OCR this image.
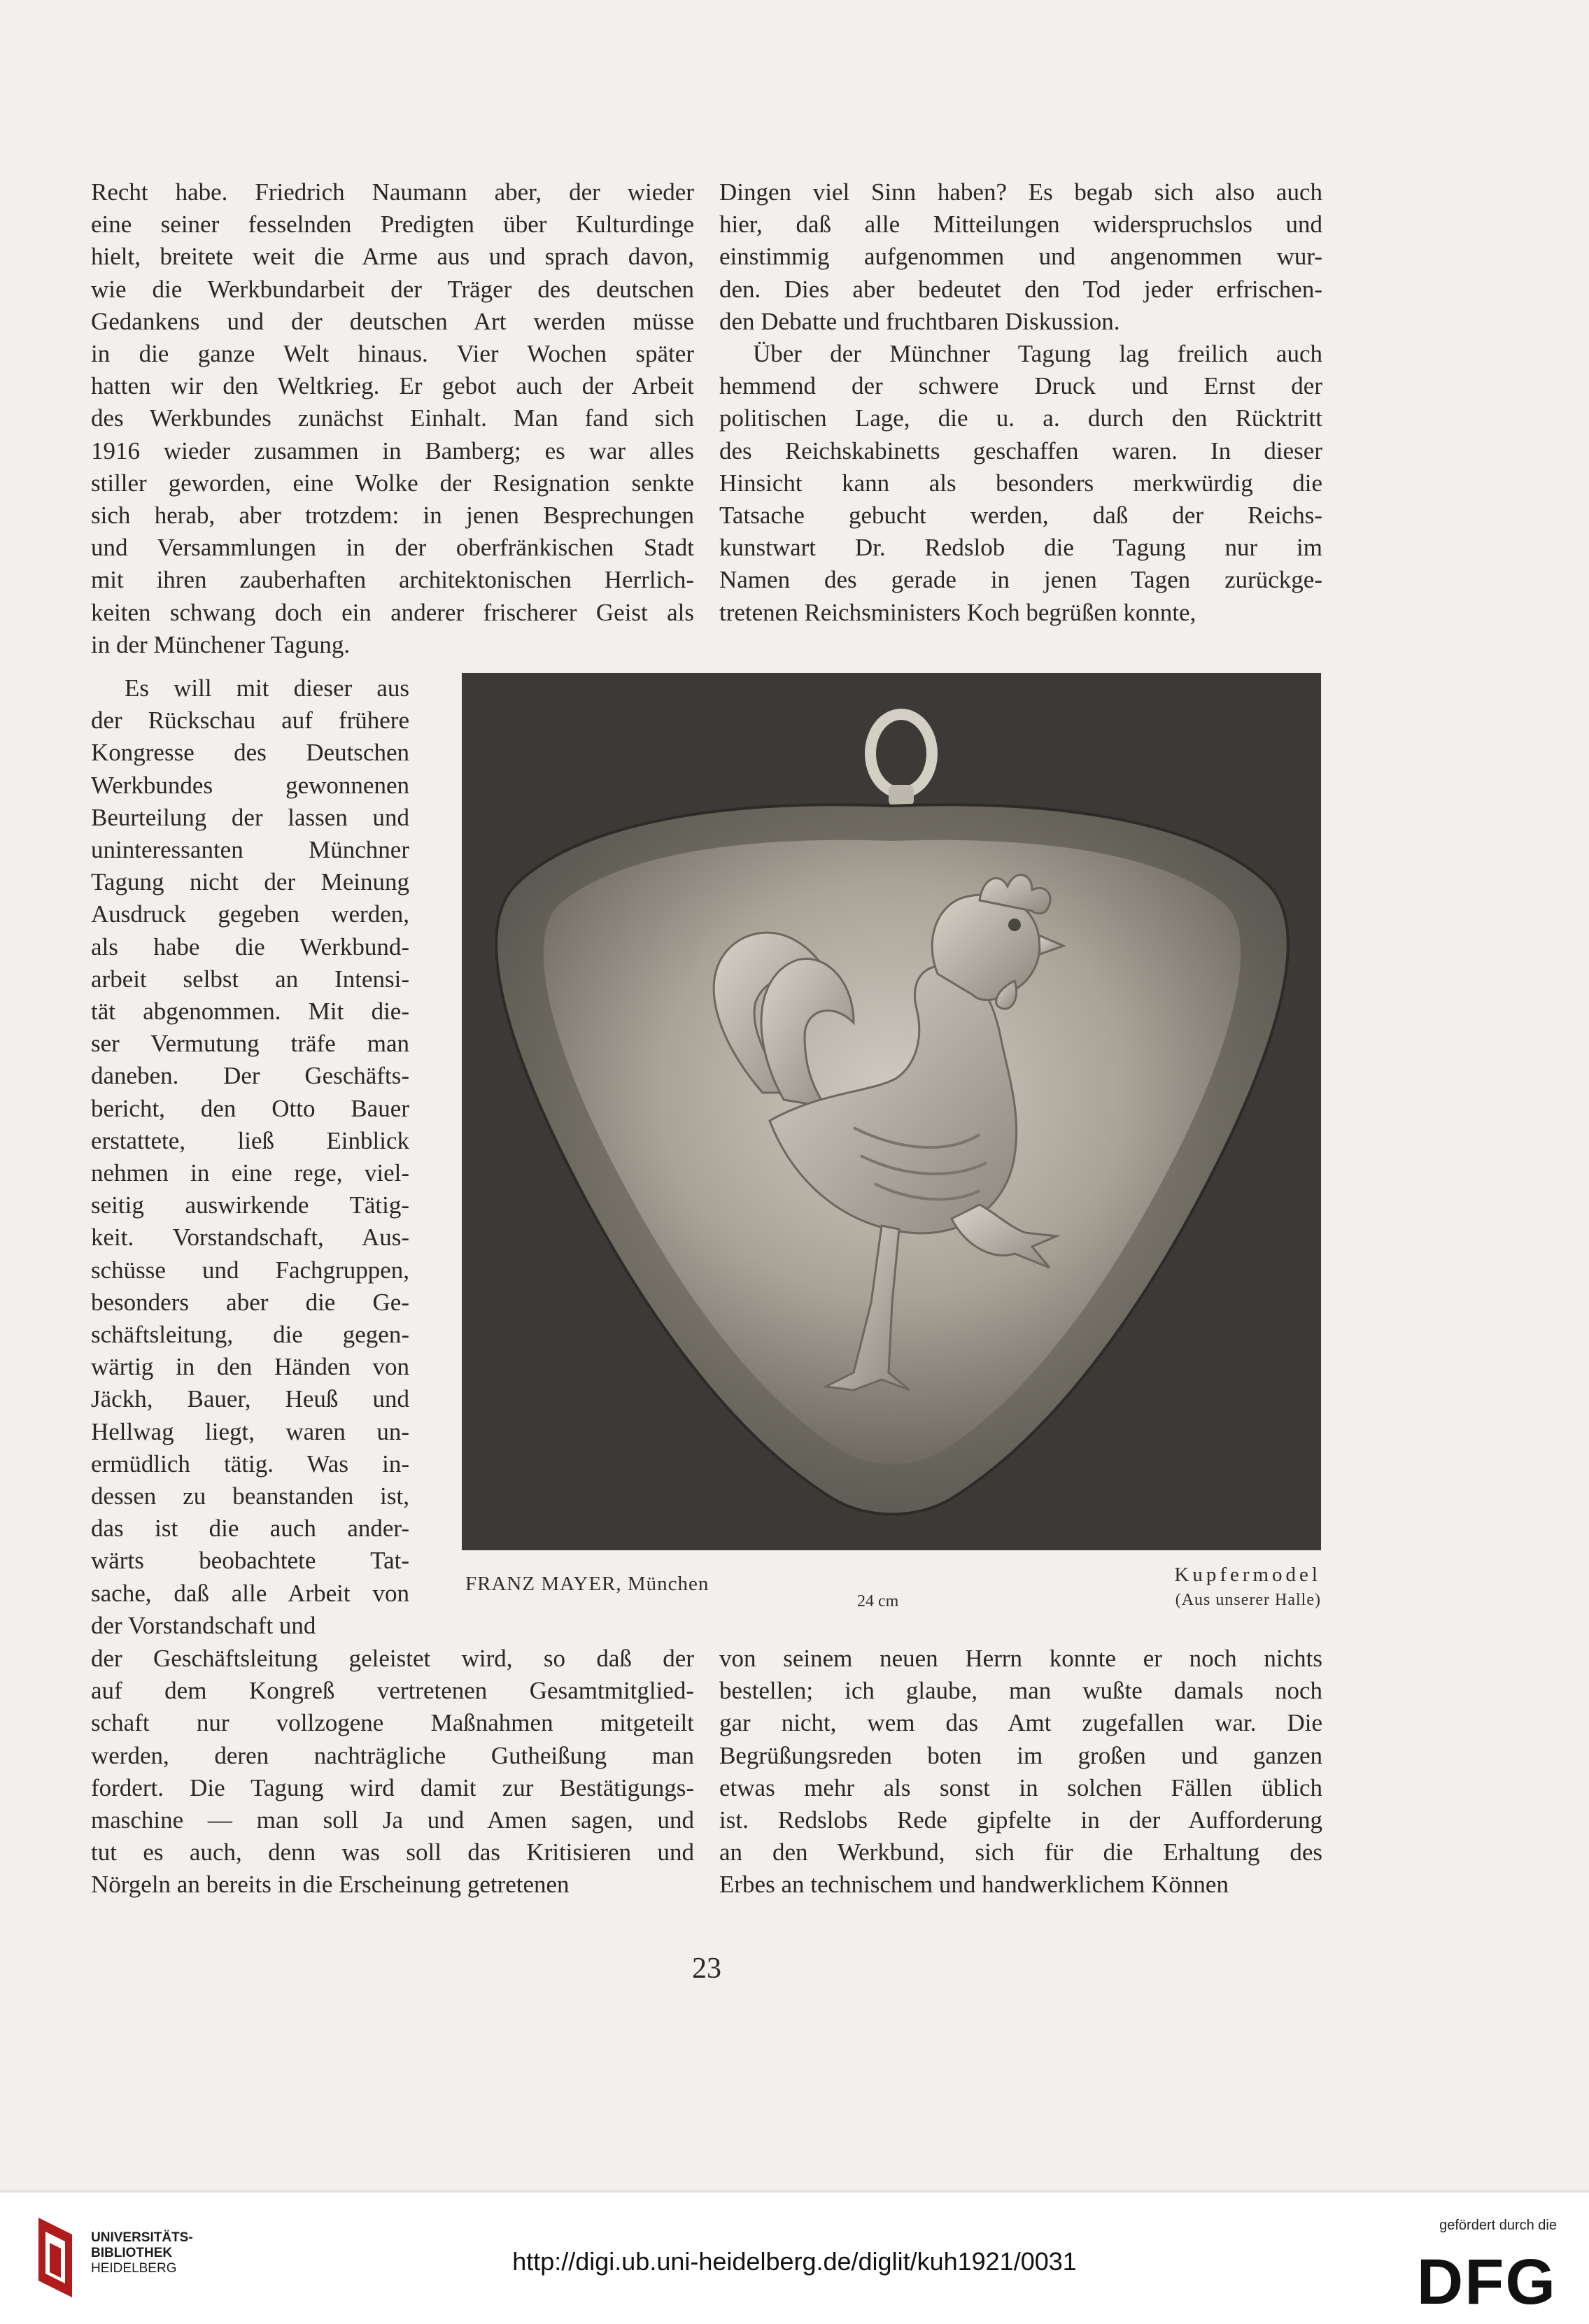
Recht habe. Friedrich Naumann aber, der wieder
eine seiner fesselnden Predigten über Kulturdinge
hielt, breitete weit die Arme aus und sprach davon,
wie die Werkbundarbeit der Träger des deutschen
Gedankens und der deutschen Art werden müsse
in die ganze Welt hinaus. Vier Wochen später
hatten wir den Weltkrieg. Er gebot auch der Arbeit
des Werkbundes zunächst Einhalt. Man fand sich
1916 wieder zusammen in Bamberg; es war alles
stiller geworden, eine Wolke der Resignation senkte
sich herab, aber trotzdem: in jenen Besprechungen
und Versammlungen in der oberfränkischen Stadt
mit ihren zauberhaften architektonischen Herrlich-
keiten schwang doch ein anderer frischerer Geist als
in der Münchener Tagung.
Es will mit dieser aus
der Rückschau auf frühere
Kongresse des Deutschen
Werkbundes gewonnenen
Beurteilung der lassen und
uninteressanten Münchner
Tagung nicht der Meinung
Ausdruck gegeben werden,
als habe die Werkbund-
arbeit selbst an Intensi-
tät abgenommen. Mit die-
ser Vermutung träfe man
daneben. Der Geschäfts-
bericht, den Otto Bauer
erstattete, ließ Einblick
nehmen in eine rege, viel-
seitig auswirkende Tätig-
keit. Vorstandschaft, Aus-
schüsse und Fachgruppen,
besonders aber die Ge-
schäftsleitung, die gegen-
wärtig in den Händen von
Jäckh, Bauer, Heuß und
Hellwag liegt, waren un-
ermüdlich tätig. Was in-
dessen zu beanstanden ist,
das ist die auch ander-
wärts beobachtete Tat-
sache, daß alle Arbeit von
der Vorstandschaft und
der Geschäftsleitung geleistet wird, so daß der
auf dem Kongreß vertretenen Gesamtmitglied-
schaft nur vollzogene Maßnahmen mitgeteilt
werden, deren nachträgliche Gutheißung man
fordert. Die Tagung wird damit zur Bestätigungs-
maschine — man soll Ja und Amen sagen, und
tut es auch, denn was soll das Kritisieren und
Nörgeln an bereits in die Erscheinung getretenen
Dingen viel Sinn haben? Es begab sich also auch
hier, daß alle Mitteilungen widerspruchslos und
einstimmig aufgenommen und angenommen wur-
den. Dies aber bedeutet den Tod jeder erfrischen-
den Debatte und fruchtbaren Diskussion.
Über der Münchner Tagung lag freilich auch
hemmend der schwere Druck und Ernst der
politischen Lage, die u. a. durch den Rücktritt
des Reichskabinetts geschaffen waren. In dieser
Hinsicht kann als besonders merkwürdig die
Tatsache gebucht werden, daß der Reichs-
kunstwart Dr. Redslob die Tagung nur im
Namen des gerade in jenen Tagen zurückge-
tretenen Reichsministers Koch begrüßen konnte,
von seinem neuen Herrn konnte er noch nichts
bestellen; ich glaube, man wußte damals noch
gar nicht, wem das Amt zugefallen war. Die
Begrüßungsreden boten im großen und ganzen
etwas mehr als sonst in solchen Fällen üblich
ist. Redslobs Rede gipfelte in der Aufforderung
an den Werkbund, sich für die Erhaltung des
Erbes an technischem und handwerklichem Können
FRANZ MAYER, München
24 cm
Kupfermodel
(Aus unserer Halle)
23
UNIVERSITÄTS-
BIBLIOTHEK
HEIDELBERG	http://digi.ub.uni-heidelberg.de/diglit/kuh1921/0031
gefördert durch die
DFG
